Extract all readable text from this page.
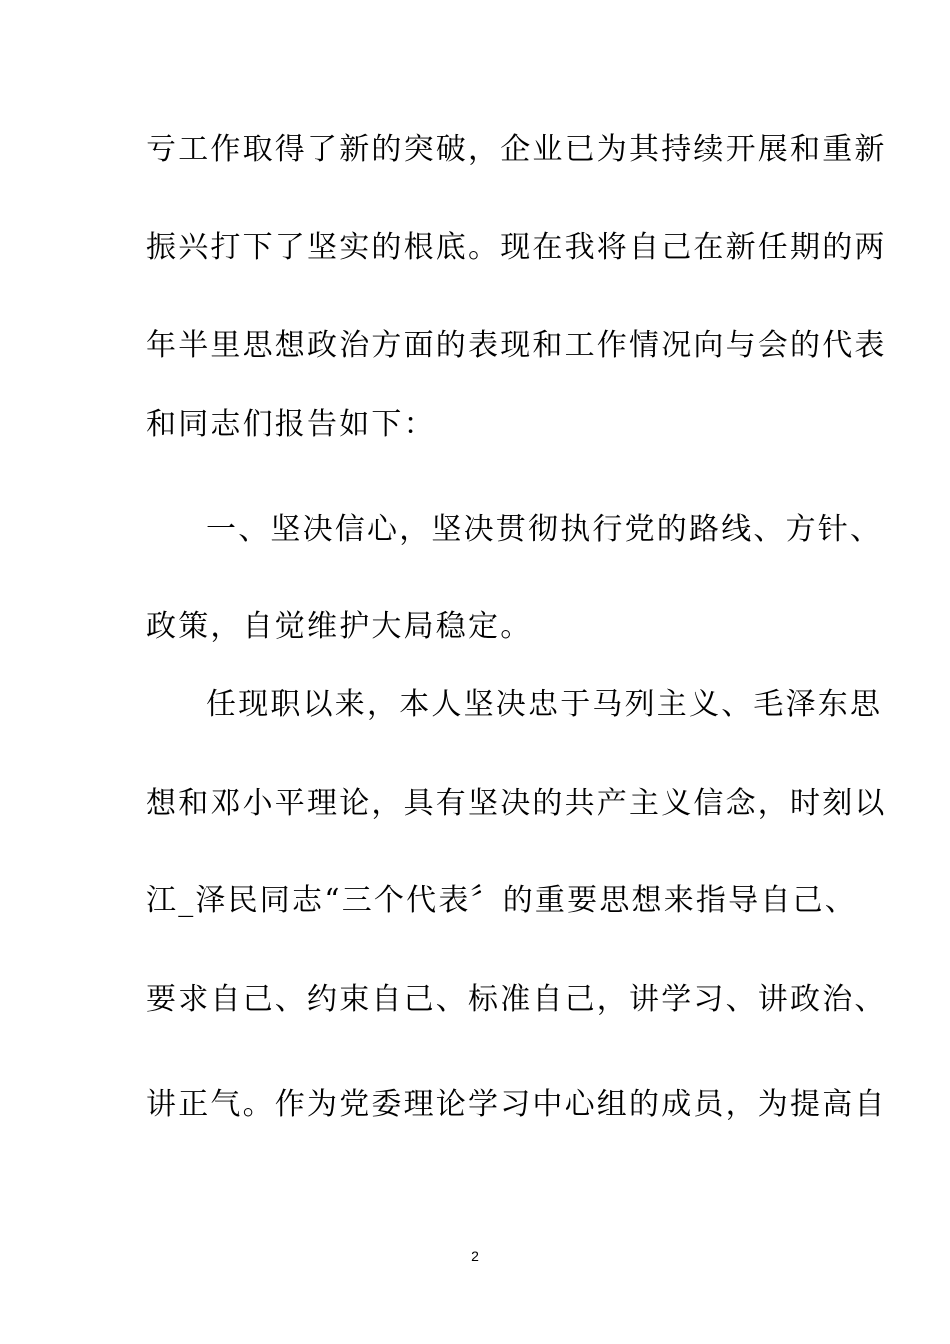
亏工作取得了新的突破，企业已为其持续开展和重新
振兴打下了坚实的根底。现在我将自己在新任期的两
年半里思想政治方面的表现和工作情况向与会的代表
和同志们报告如下：
一、坚决信心，坚决贯彻执行党的路线、方针、
政策，自觉维护大局稳定。
任现职以来，本人坚决忠于马列主义、毛泽东思
想和邓小平理论，具有坚决的共产主义信念，时刻以
江_泽民同志“三个代表〞的重要思想来指导自己、
要求自己、约束自己、标准自己，讲学习、讲政治、
讲正气。作为党委理论学习中心组的成员，为提高自
2
